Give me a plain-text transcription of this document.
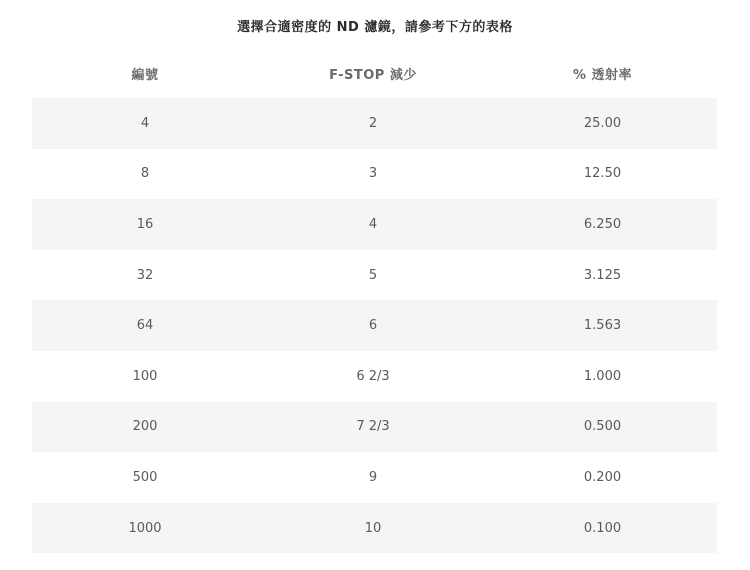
選擇合適密度的 ND 濾鏡，請參考下方的表格
編號	F-STOP 減少	% 透射率
4	2	25.00
8	3	12.50
16	4	6.250
32	5	3.125
64	6	1.563
100	6 2/3	1.000
200	7 2/3	0.500
500	9	0.200
1000	10	0.100
